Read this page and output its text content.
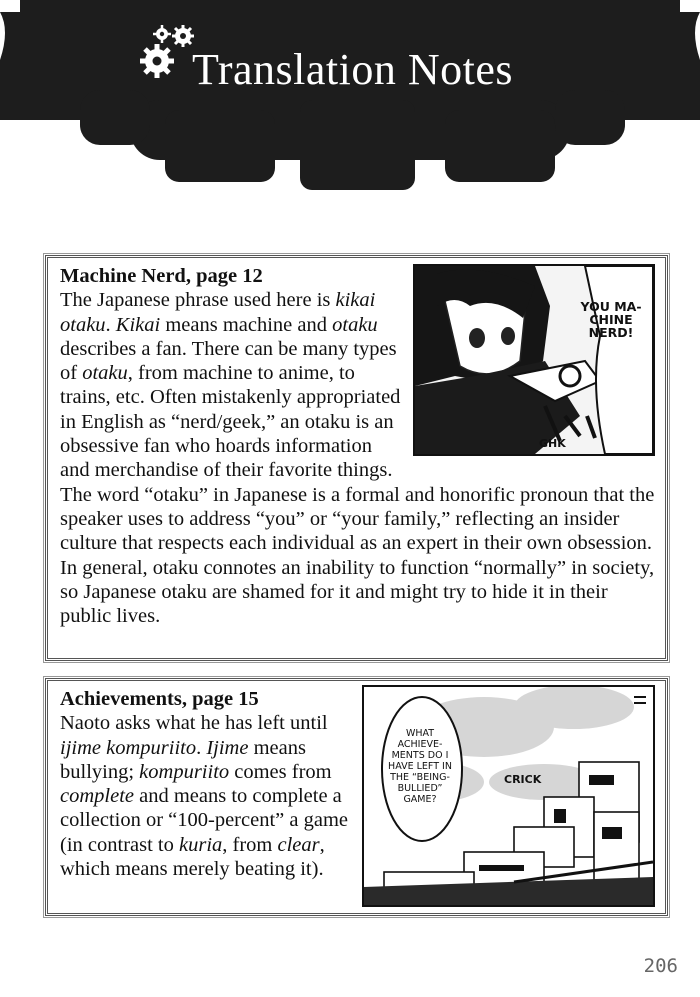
Translation Notes
YOU MA-CHINE NERD!
GHK
Machine Nerd, page 12
The Japanese phrase used here is kikai otaku. Kikai means machine and otaku describes a fan. There can be many types of otaku, from machine to anime, to trains, etc. Often mistakenly appropriated in English as “nerd/geek,” an otaku is an obsessive fan who hoards information and merchandise of their favorite things. The word “otaku” in Japanese is a formal and honorific pronoun that the speaker uses to address “you” or “your family,” reflecting an insider culture that respects each individual as an expert in their own obsession. In general, otaku connotes an inability to function “normally” in society, so Japanese otaku are shamed for it and might try to hide it in their public lives.
WHAT ACHIEVE-MENTS DO I HAVE LEFT IN THE “BEING-BULLIED” GAME?
CRICK
Achievements, page 15
Naoto asks what he has left until ijime kompuriito. Ijime means bullying; kompuriito comes from complete and means to complete a collection or “100-percent” a game (in contrast to kuria, from clear, which means merely beating it).
206
